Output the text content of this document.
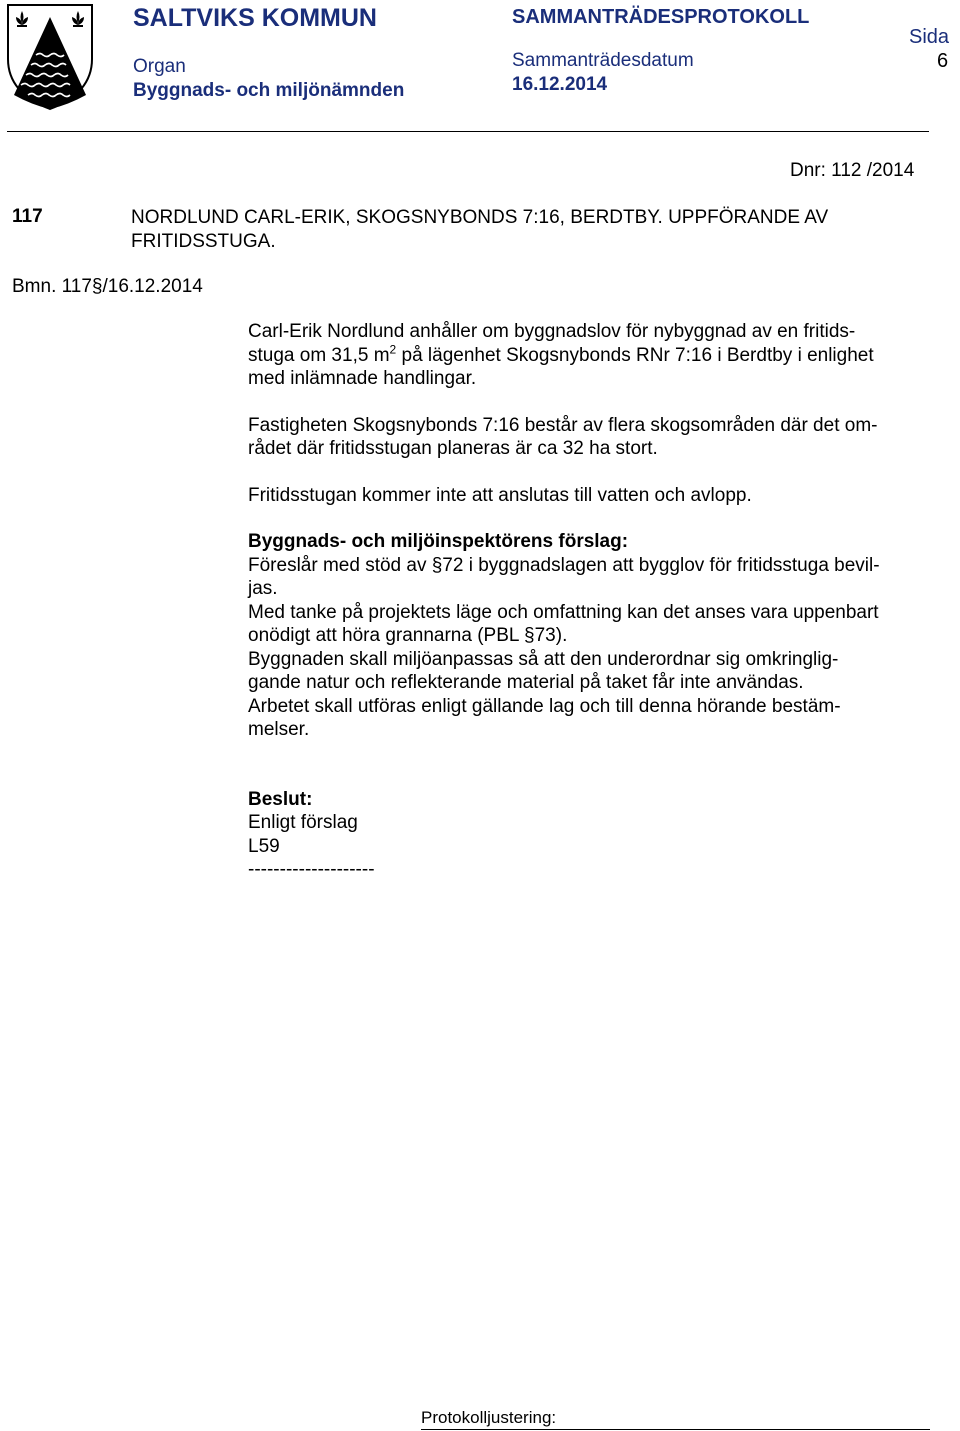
SALTVIKS KOMMUN	SAMMANTRÄDESPROTOKOLL
Organ
Byggnads- och miljönämnden
Sammanträdesdatum
16.12.2014
Sida
6
Dnr: 112 /2014
117	NORDLUND CARL-ERIK, SKOGSNYBONDS 7:16, BERDTBY. UPPFÖRANDE AV
FRITIDSSTUGA.
Bmn. 117§/16.12.2014

Carl-Erik Nordlund anhåller om byggnadslov för nybyggnad av en fritids-
stuga om 31,5 $m^2$ på lägenhet Skogsnybonds RNr 7:16 i Berdtby i enlighet
med inlämnade handlingar.

Fastigheten Skogsnybonds 7:16 består av flera skogsområden där det om-
rådet där fritidsstugan planeras är ca 32 ha stort.

Fritidsstugan kommer inte att anslutas till vatten och avlopp.

Byggnads- och miljöinspektörens förslag:

Föreslår med stöd av §72 i byggnadslagen att bygglov för fritidsstuga bevil-
jas.
Med tanke på projektets läge och omfattning kan det anses vara uppenbart
onödigt att höra grannarna (PBL §73).
Byggnaden skall miljöanpassas så att den underordnar sig omkringlig-
gande natur och reflekterande material på taket får inte användas.
Arbetet skall utföras enligt gällande lag och till denna hörande bestäm-
melser.

Beslut:

Enligt förslag

L59

--------------------

Protokolljustering:
